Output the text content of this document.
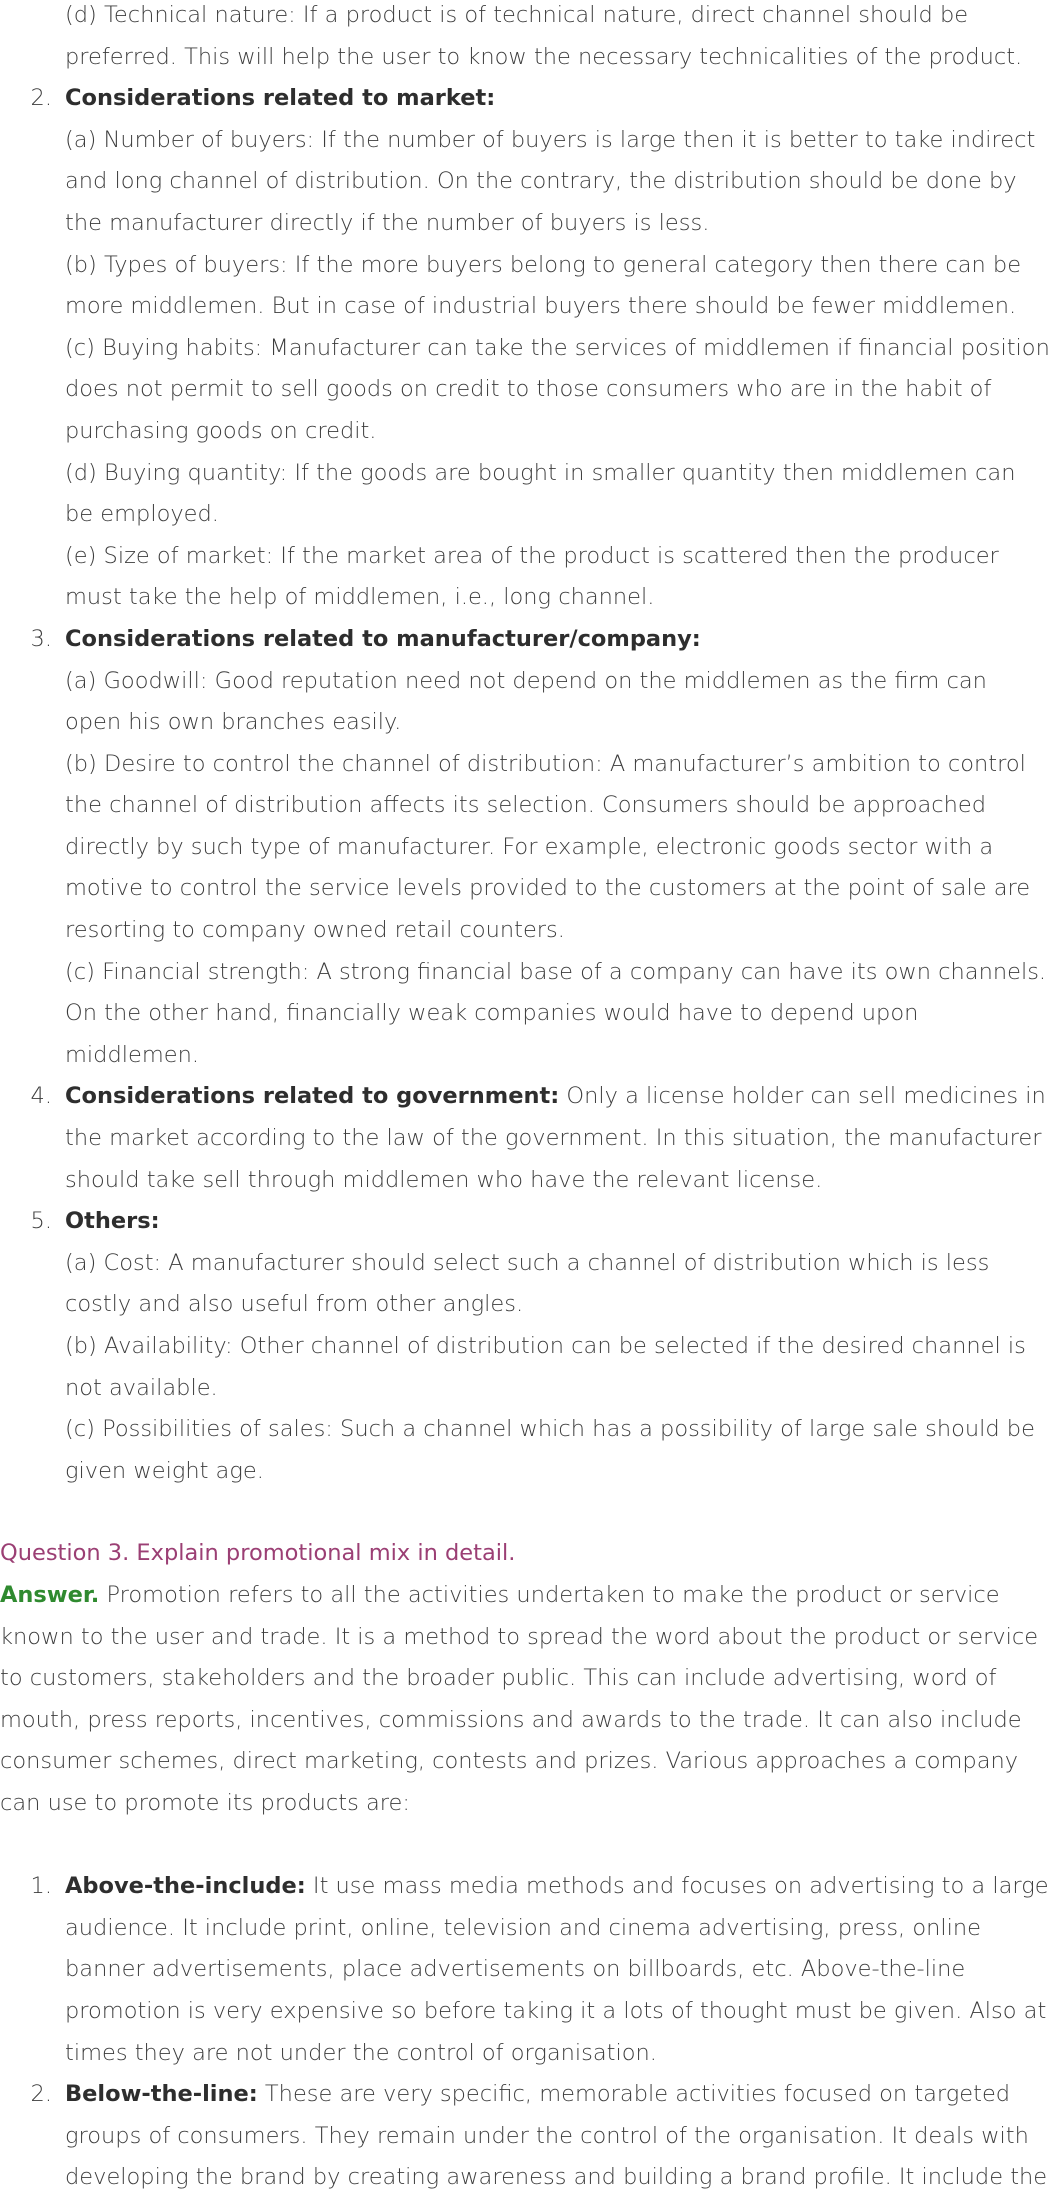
(d) Technical nature: If a product is of technical nature, direct channel should be preferred. This will help the user to know the necessary technicalities of the product.
2. Considerations related to market:
(a) Number of buyers: If the number of buyers is large then it is better to take indirect and long channel of distribution. On the contrary, the distribution should be done by the manufacturer directly if the number of buyers is less.
(b) Types of buyers: If the more buyers belong to general category then there can be more middlemen. But in case of industrial buyers there should be fewer middlemen.
(c) Buying habits: Manufacturer can take the services of middlemen if financial position does not permit to sell goods on credit to those consumers who are in the habit of purchasing goods on credit.
(d) Buying quantity: If the goods are bought in smaller quantity then middlemen can be employed.
(e) Size of market: If the market area of the product is scattered then the producer must take the help of middlemen, i.e., long channel.
3. Considerations related to manufacturer/company:
(a) Goodwill: Good reputation need not depend on the middlemen as the firm can open his own branches easily.
(b) Desire to control the channel of distribution: A manufacturer’s ambition to control the channel of distribution affects its selection. Consumers should be approached directly by such type of manufacturer. For example, electronic goods sector with a motive to control the service levels provided to the customers at the point of sale are resorting to company owned retail counters.
(c) Financial strength: A strong financial base of a company can have its own channels. On the other hand, financially weak companies would have to depend upon middlemen.
4. Considerations related to government: Only a license holder can sell medicines in the market according to the law of the government. In this situation, the manufacturer should take sell through middlemen who have the relevant license.
5. Others:
(a) Cost: A manufacturer should select such a channel of distribution which is less costly and also useful from other angles.
(b) Availability: Other channel of distribution can be selected if the desired channel is not available.
(c) Possibilities of sales: Such a channel which has a possibility of large sale should be given weight age.
Question 3. Explain promotional mix in detail.
Answer. Promotion refers to all the activities undertaken to make the product or service known to the user and trade. It is a method to spread the word about the product or service to customers, stakeholders and the broader public. This can include advertising, word of mouth, press reports, incentives, commissions and awards to the trade. It can also include consumer schemes, direct marketing, contests and prizes. Various approaches a company can use to promote its products are:
1. Above-the-include: It use mass media methods and focuses on advertising to a large audience. It include print, online, television and cinema advertising, press, online banner advertisements, place advertisements on billboards, etc. Above-the-line promotion is very expensive so before taking it a lots of thought must be given. Also at times they are not under the control of organisation.
2. Below-the-line: These are very specific, memorable activities focused on targeted groups of consumers. They remain under the control of the organisation. It deals with developing the brand by creating awareness and building a brand profile. It include the
